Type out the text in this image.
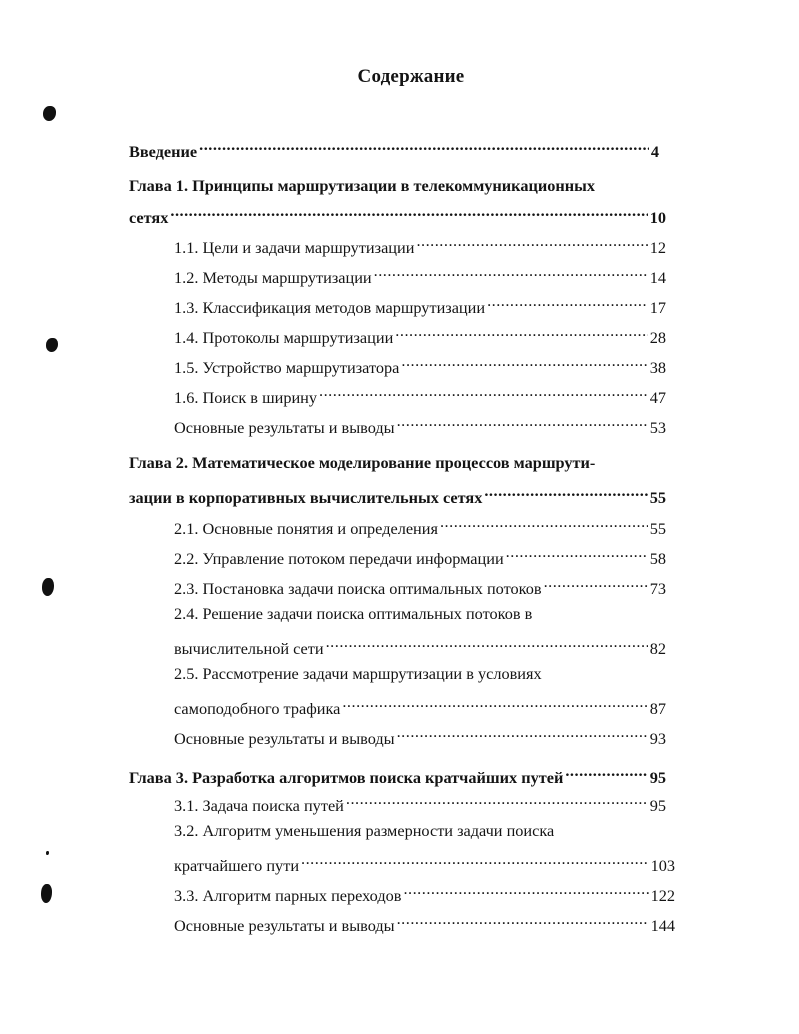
Содержание
Введение .....	4
Глава 1. Принципы маршрутизации в телекоммуникационных
сетях .....	10
1.1. Цели и задачи маршрутизации .....	12
1.2. Методы маршрутизации .....	14
1.3. Классификация методов маршрутизации .....	17
1.4. Протоколы маршрутизации .....	28
1.5. Устройство маршрутизатора .....	38
1.6. Поиск в ширину .....	47
Основные результаты и выводы .....	53
Глава 2. Математическое моделирование процессов маршрути-
зации в корпоративных вычислительных сетях .....	55
2.1. Основные понятия и определения .....	55
2.2. Управление потоком передачи информации .....	58
2.3. Постановка задачи поиска оптимальных потоков .....	73
2.4. Решение задачи поиска оптимальных потоков в
вычислительной сети .....	82
2.5. Рассмотрение задачи маршрутизации в условиях
самоподобного трафика .....	87
Основные результаты и выводы .....	93
Глава 3. Разработка алгоритмов поиска кратчайших путей .....	95
3.1. Задача поиска путей .....	95
3.2. Алгоритм уменьшения размерности задачи поиска
кратчайшего пути .....	103
3.3. Алгоритм парных переходов .....	122
Основные результаты и выводы .....	144
